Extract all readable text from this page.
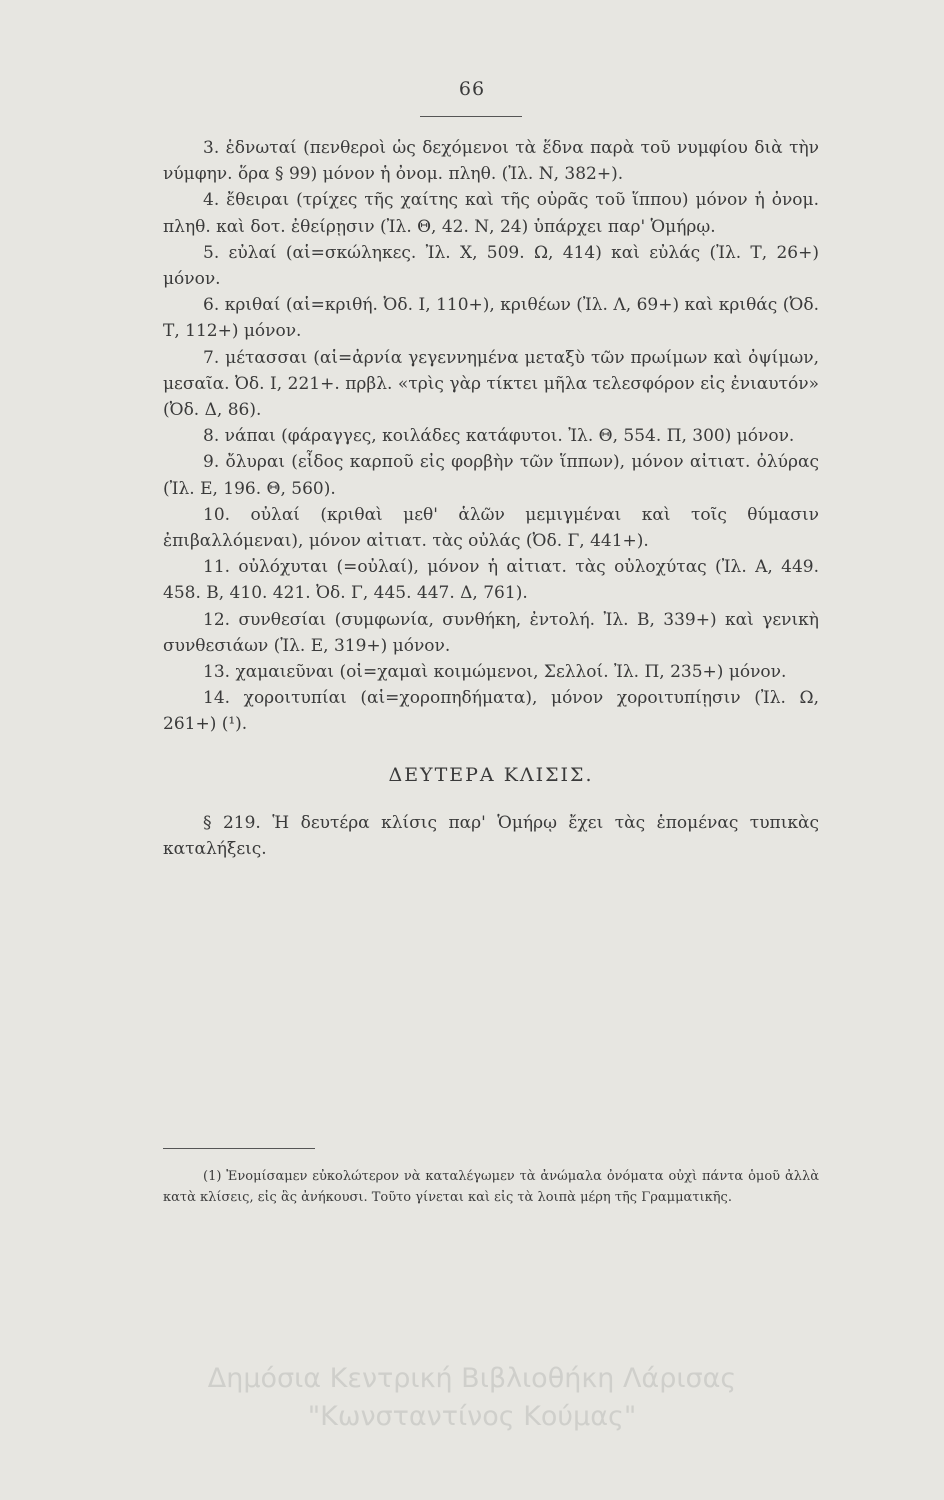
66

3. ἑδνωταί (πενθεροὶ ὡς δεχόμενοι τὰ ἕδνα παρὰ τοῦ νυμφίου διὰ τὴν νύμφην. ὅρα § 99) μόνον ἡ ὀνομ. πληθ. (Ἰλ. Ν, 382+).

4. ἔθειραι (τρίχες τῆς χαίτης καὶ τῆς οὐρᾶς τοῦ ἵππου) μόνον ἡ ὀνομ. πληθ. καὶ δοτ. ἐθείρῃσιν (Ἰλ. Θ, 42. Ν, 24) ὑπάρχει παρ' Ὁμήρῳ.

5. εὐλαί (αἱ=σκώληκες. Ἰλ. Χ, 509. Ω, 414) καὶ εὐλάς (Ἰλ. Τ, 26+) μόνον.

6. κριθαί (αἱ=κριθή. Ὀδ. Ι, 110+), κριθέων (Ἰλ. Λ, 69+) καὶ κριθάς (Ὀδ. Τ, 112+) μόνον.

7. μέτασσαι (αἱ=ἀρνία γεγεννημένα μεταξὺ τῶν πρωίμων καὶ ὀψίμων, μεσαῖα. Ὀδ. Ι, 221+. πρβλ. «τρὶς γὰρ τίκτει μῆλα τελεσφόρον εἰς ἐνιαυτόν» (Ὀδ. Δ, 86).

8. νάπαι (φάραγγες, κοιλάδες κατάφυτοι. Ἰλ. Θ, 554. Π, 300) μόνον.

9. ὄλυραι (εἶδος καρποῦ εἰς φορβὴν τῶν ἵππων), μόνον αἰτιατ. ὀλύρας (Ἰλ. Ε, 196. Θ, 560).

10. οὐλαί (κριθαὶ μεθ' ἁλῶν μεμιγμέναι καὶ τοῖς θύμασιν ἐπιβαλλόμεναι), μόνον αἰτιατ. τὰς οὐλάς (Ὀδ. Γ, 441+).

11. οὐλόχυται (=οὐλαί), μόνον ἡ αἰτιατ. τὰς οὐλοχύτας (Ἰλ. Α, 449. 458. Β, 410. 421. Ὀδ. Γ, 445. 447. Δ, 761).

12. συνθεσίαι (συμφωνία, συνθήκη, ἐντολή. Ἰλ. Β, 339+) καὶ γενικὴ συνθεσιάων (Ἰλ. Ε, 319+) μόνον.

13. χαμαιεῦναι (οἱ=χαμαὶ κοιμώμενοι, Σελλοί. Ἰλ. Π, 235+) μόνον.

14. χοροιτυπίαι (αἱ=χοροπηδήματα), μόνον χοροιτυπίῃσιν (Ἰλ. Ω, 261+) (¹).

ΔΕΥΤΕΡΑ ΚΛΙΣΙΣ.

§ 219. Ἡ δευτέρα κλίσις παρ' Ὁμήρῳ ἔχει τὰς ἑπομένας τυπικὰς καταλήξεις.

(1) Ἐνομίσαμεν εὐκολώτερον νὰ καταλέγωμεν τὰ ἀνώμαλα ὀνόματα οὐχὶ πάντα ὁμοῦ ἀλλὰ κατὰ κλίσεις, εἰς ἃς ἀνήκουσι. Τοῦτο γίνεται καὶ εἰς τὰ λοιπὰ μέρη τῆς Γραμματικῆς.

Δημόσια Κεντρική Βιβλιοθήκη Λάρισας
"Κωνσταντίνος Κούμας"
